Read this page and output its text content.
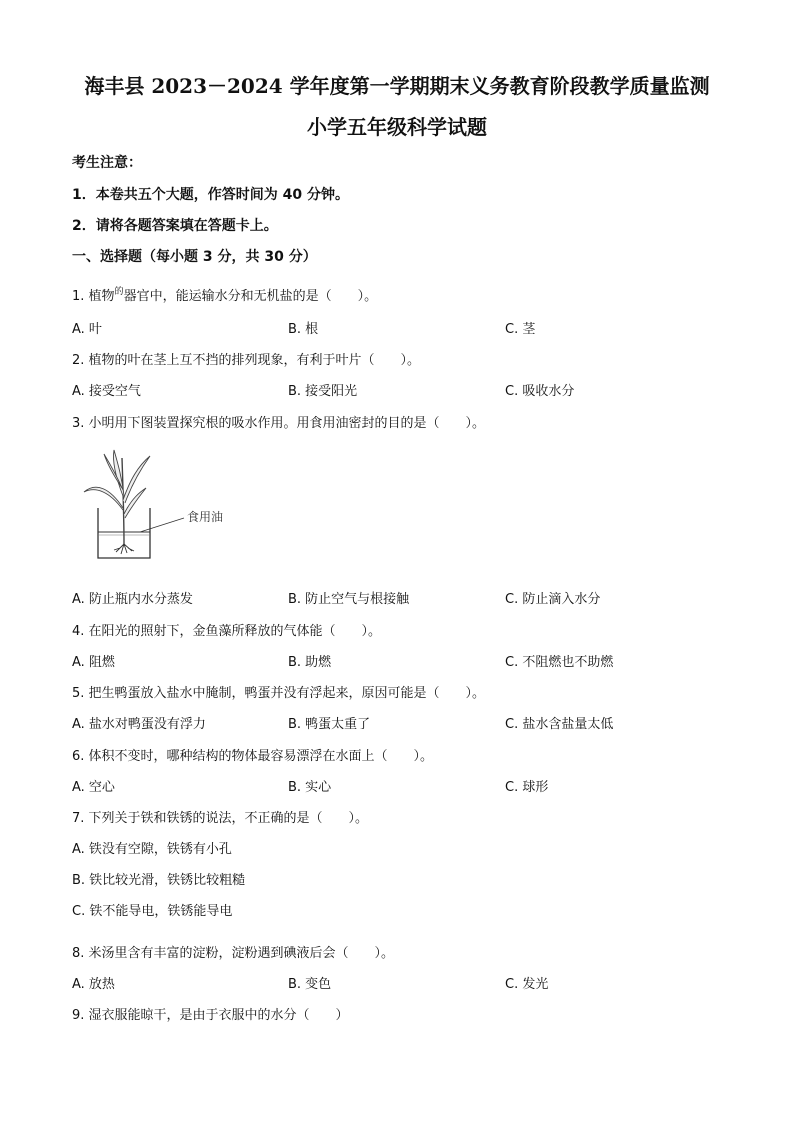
海丰县 2023－2024 学年度第一学期期末义务教育阶段教学质量监测
小学五年级科学试题
考生注意：
1．本卷共五个大题，作答时间为 40 分钟。
2．请将各题答案填在答题卡上。
一、选择题（每小题 3 分，共 30 分）
1. 植物$^的$器官中，能运输水分和无机盐的是（　　）。
A. 叶	B. 根	C. 茎
2. 植物的叶在茎上互不挡的排列现象，有利于叶片（　　）。
A. 接受空气	B. 接受阳光	C. 吸收水分
3. 小明用下图装置探究根的吸水作用。用食用油密封的目的是（　　）。
食用油
A. 防止瓶内水分蒸发	B. 防止空气与根接触	C. 防止滴入水分
4. 在阳光的照射下，金鱼藻所释放的气体能（　　）。
A. 阻燃	B. 助燃	C. 不阻燃也不助燃
5. 把生鸭蛋放入盐水中腌制，鸭蛋并没有浮起来，原因可能是（　　）。
A. 盐水对鸭蛋没有浮力	B. 鸭蛋太重了	C. 盐水含盐量太低
6. 体积不变时，哪种结构的物体最容易漂浮在水面上（　　）。
A. 空心	B. 实心	C. 球形
7. 下列关于铁和铁锈的说法，不正确的是（　　）。
A. 铁没有空隙，铁锈有小孔
B. 铁比较光滑，铁锈比较粗糙
C. 铁不能导电，铁锈能导电
8. 米汤里含有丰富的淀粉，淀粉遇到碘液后会（　　）。
A. 放热	B. 变色	C. 发光
9. 湿衣服能晾干，是由于衣服中的水分（　　）
